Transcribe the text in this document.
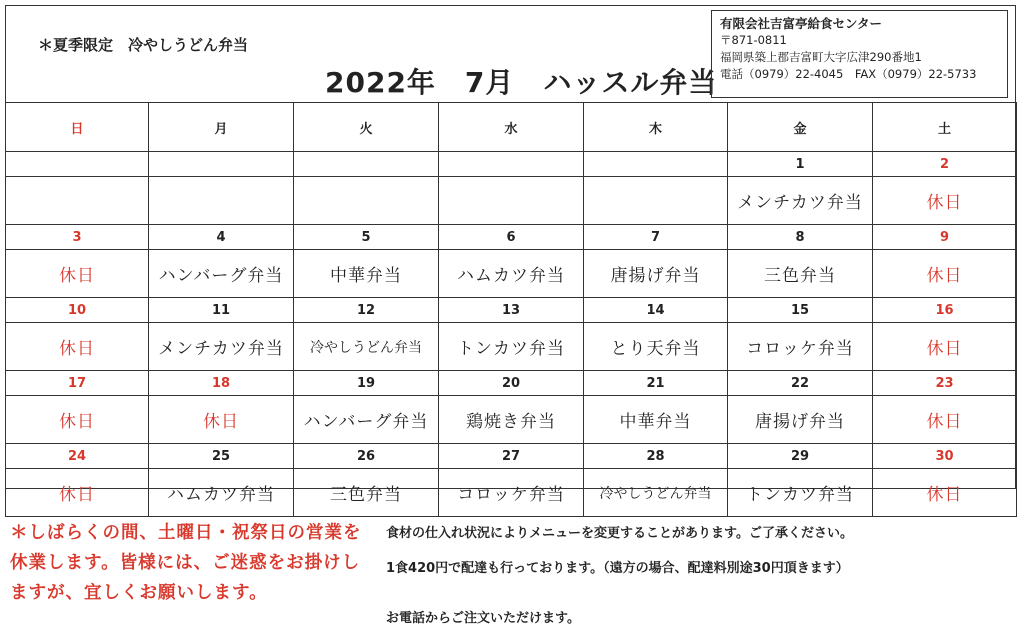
＊夏季限定　冷やしうどん弁当
2022年　7月　ハッスル弁当
有限会社吉富亭給食センター
〒871-0811
福岡県築上郡吉富町大字広津290番地1
電話（0979）22-4045　FAX（0979）22-5733
日	月	火	水	木	金	土
					1	2
					メンチカツ弁当	休日
3	4	5	6	7	8	9
休日	ハンバーグ弁当	中華弁当	ハムカツ弁当	唐揚げ弁当	三色弁当	休日
10	11	12	13	14	15	16
休日	メンチカツ弁当	冷やしうどん弁当	トンカツ弁当	とり天弁当	コロッケ弁当	休日
17	18	19	20	21	22	23
休日	休日	ハンバーグ弁当	鶏焼き弁当	中華弁当	唐揚げ弁当	休日
24	25	26	27	28	29	30
休日	ハムカツ弁当	三色弁当	コロッケ弁当	冷やしうどん弁当	トンカツ弁当	休日
＊しばらくの間、土曜日・祝祭日の営業を休業します。皆様には、ご迷惑をお掛けしますが、宜しくお願いします。
食材の仕入れ状況によりメニューを変更することがあります。ご了承ください。
1食420円で配達も行っております。（遠方の場合、配達料別途30円頂きます）
お電話からご注文いただけます。
